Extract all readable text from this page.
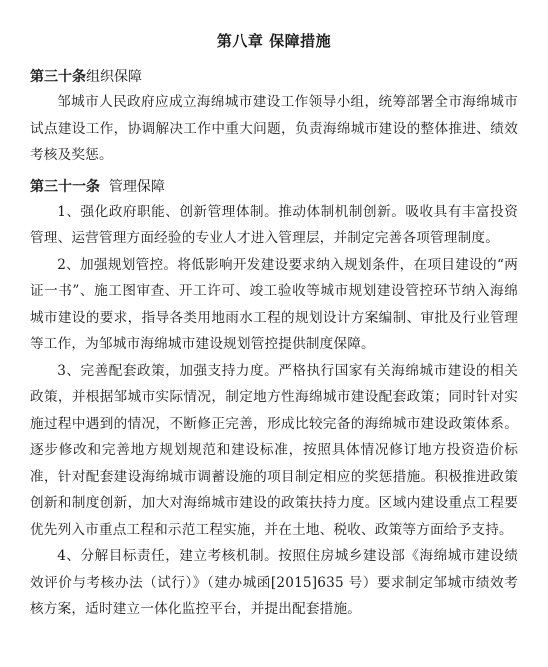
第八章 保障措施

第三十条组织保障

邹城市人民政府应成立海绵城市建设工作领导小组，统筹部署全市海绵城市试点建设工作，协调解决工作中重大问题，负责海绵城市建设的整体推进、绩效考核及奖惩。

第三十一条 管理保障

1、强化政府职能、创新管理体制。推动体制机制创新。吸收具有丰富投资管理、运营管理方面经验的专业人才进入管理层，并制定完善各项管理制度。

2、加强规划管控。将低影响开发建设要求纳入规划条件，在项目建设的“两证一书”、施工图审查、开工许可、竣工验收等城市规划建设管控环节纳入海绵城市建设的要求，指导各类用地雨水工程的规划设计方案编制、审批及行业管理等工作，为邹城市海绵城市建设规划管控提供制度保障。

3、完善配套政策，加强支持力度。严格执行国家有关海绵城市建设的相关政策，并根据邹城市实际情况，制定地方性海绵城市建设配套政策；同时针对实施过程中遇到的情况，不断修正完善，形成比较完备的海绵城市建设政策体系。逐步修改和完善地方规划规范和建设标准，按照具体情况修订地方投资造价标准，针对配套建设海绵城市调蓄设施的项目制定相应的奖惩措施。积极推进政策创新和制度创新，加大对海绵城市建设的政策扶持力度。区域内建设重点工程要优先列入市重点工程和示范工程实施，并在土地、税收、政策等方面给予支持。

4、分解目标责任，建立考核机制。按照住房城乡建设部《海绵城市建设绩效评价与考核办法（试行）》（建办城函[2015]635 号）要求制定邹城市绩效考核方案，适时建立一体化监控平台，并提出配套措施。
